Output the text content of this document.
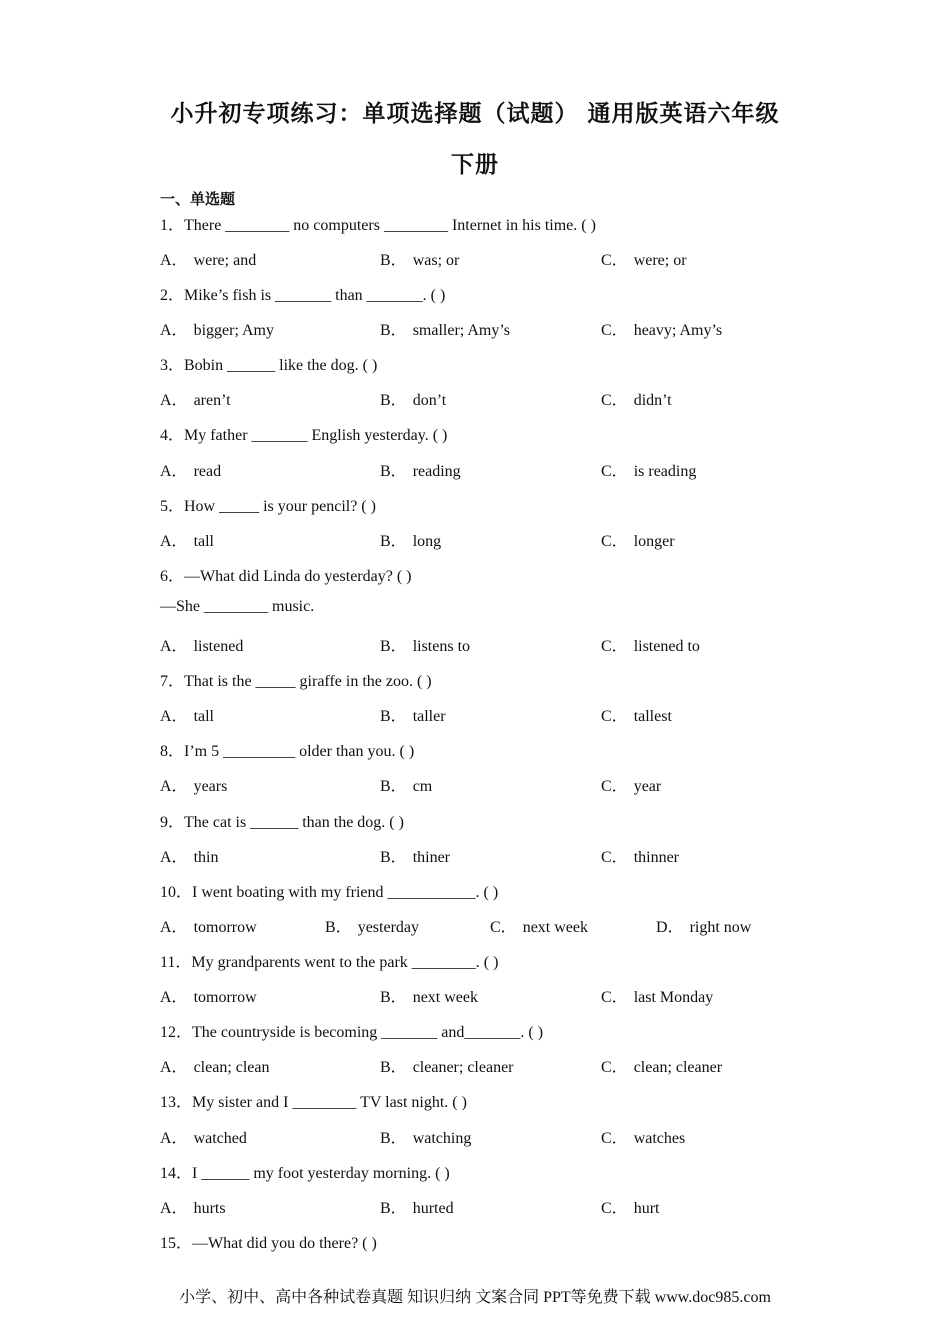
小升初专项练习：单项选择题（试题） 通用版英语六年级
下册
一、单选题

1．There ________ no computers ________ Internet in his time. ( )

A． were; and	B． was; or	C． were; or

2．Mike’s fish is _______ than _______. ( )

A． bigger; Amy	B． smaller; Amy’s	C． heavy; Amy’s

3．Bobin ______ like the dog. ( )

A． aren’t	B． don’t	C． didn’t

4．My father _______ English yesterday. ( )

A． read	B． reading	C． is reading

5．How _____ is your pencil? ( )

A． tall	B． long	C． longer

6．—What did Linda do yesterday? ( )

—She ________ music.

A． listened	B． listens to	C． listened to

7．That is the _____ giraffe in the zoo. ( )

A． tall	B． taller	C． tallest

8．I’m 5 _________ older than you. ( )

A． years	B． cm	C． year

9．The cat is ______ than the dog. ( )

A． thin	B． thiner	C． thinner

10．I went boating with my friend ___________. ( )

A． tomorrow	B． yesterday	C． next week	D． right now

11．My grandparents went to the park ________. ( )

A． tomorrow	B． next week	C． last Monday

12．The countryside is becoming _______ and_______. ( )

A． clean; clean	B． cleaner; cleaner	C． clean; cleaner

13．My sister and I ________ TV last night. ( )

A． watched	B． watching	C． watches

14．I ______ my foot yesterday morning. ( )

A． hurts	B． hurted	C． hurt

15．—What did you do there? ( )

小学、初中、高中各种试卷真题 知识归纳 文案合同 PPT等免费下载 www.doc985.com
